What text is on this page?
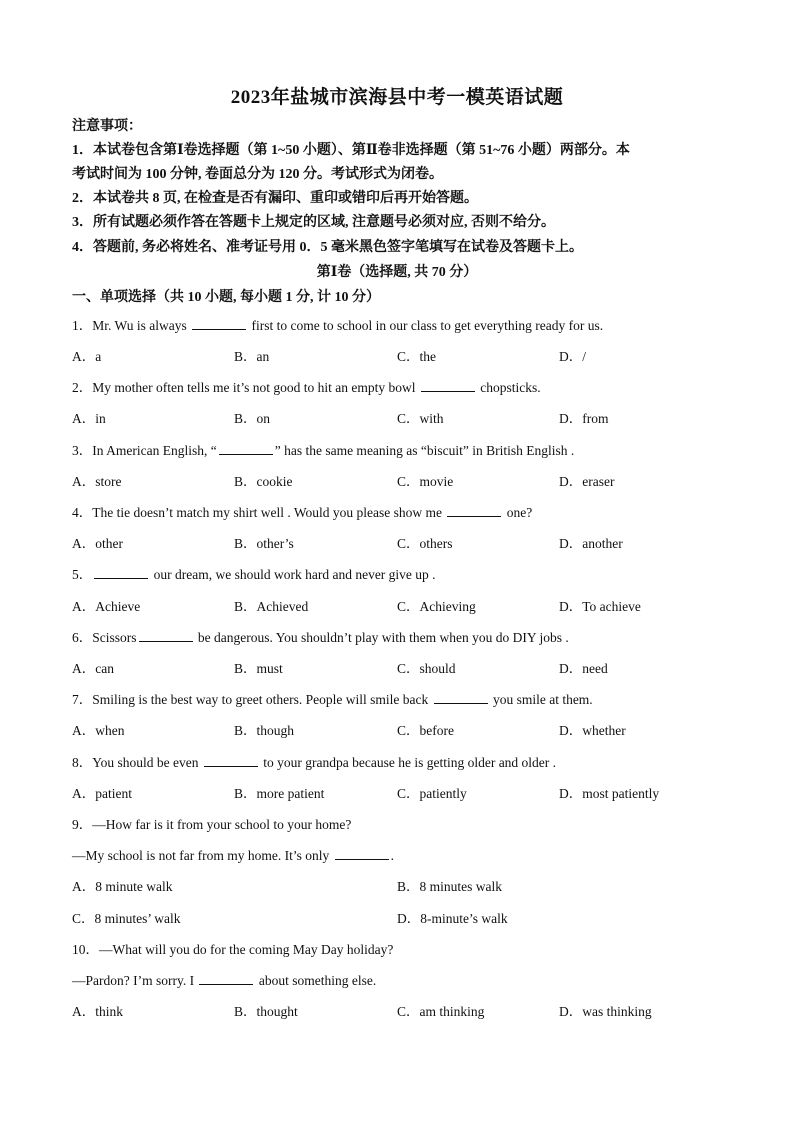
2023年盐城市滨海县中考一模英语试题
注意事项：
1．本试卷包含第Ⅰ卷选择题（第 1~50 小题）、第Ⅱ卷非选择题（第 51~76 小题）两部分。本
考试时间为 100 分钟, 卷面总分为 120 分。考试形式为闭卷。
2．本试卷共 8 页, 在检查是否有漏印、重印或错印后再开始答题。
3．所有试题必须作答在答题卡上规定的区域, 注意题号必须对应, 否则不给分。
4．答题前, 务必将姓名、准考证号用 0．5 毫米黑色签字笔填写在试卷及答题卡上。
第Ⅰ卷（选择题, 共 70 分）
一、单项选择（共 10 小题, 每小题 1 分, 计 10 分）
1．Mr. Wu is always	first to come to school in our class to get everything ready for us.
A．a	B．an	C．the	D．/
2．My mother often tells me it’s not good to hit an empty bowl	chopsticks.
A．in	B．on	C．with	D．from
3．In American English, “	” has the same meaning as “biscuit” in British English .
A．store	B．cookie	C．movie	D．eraser
4．The tie doesn’t match my shirt well . Would you please show me	one?
A．other	B．other’s	C．others	D．another
5．	our dream, we should work hard and never give up .
A．Achieve	B．Achieved	C．Achieving	D．To achieve
6．Scissors	be dangerous. You shouldn’t play with them when you do DIY jobs .
A．can	B．must	C．should	D．need
7．Smiling is the best way to greet others. People will smile back	you smile at them.
A．when	B．though	C．before	D．whether
8．You should be even	to your grandpa because he is getting older and older .
A．patient	B．more patient	C．patiently	D．most patiently
9．—How far is it from your school to your home?
—My school is not far from my home. It’s only	.
A．8 minute walk	B．8 minutes walk
C．8 minutes’ walk	D．8-minute’s walk
10．—What will you do for the coming May Day holiday?
—Pardon? I’m sorry. I	about something else.
A．think	B．thought	C．am thinking	D．was thinking
